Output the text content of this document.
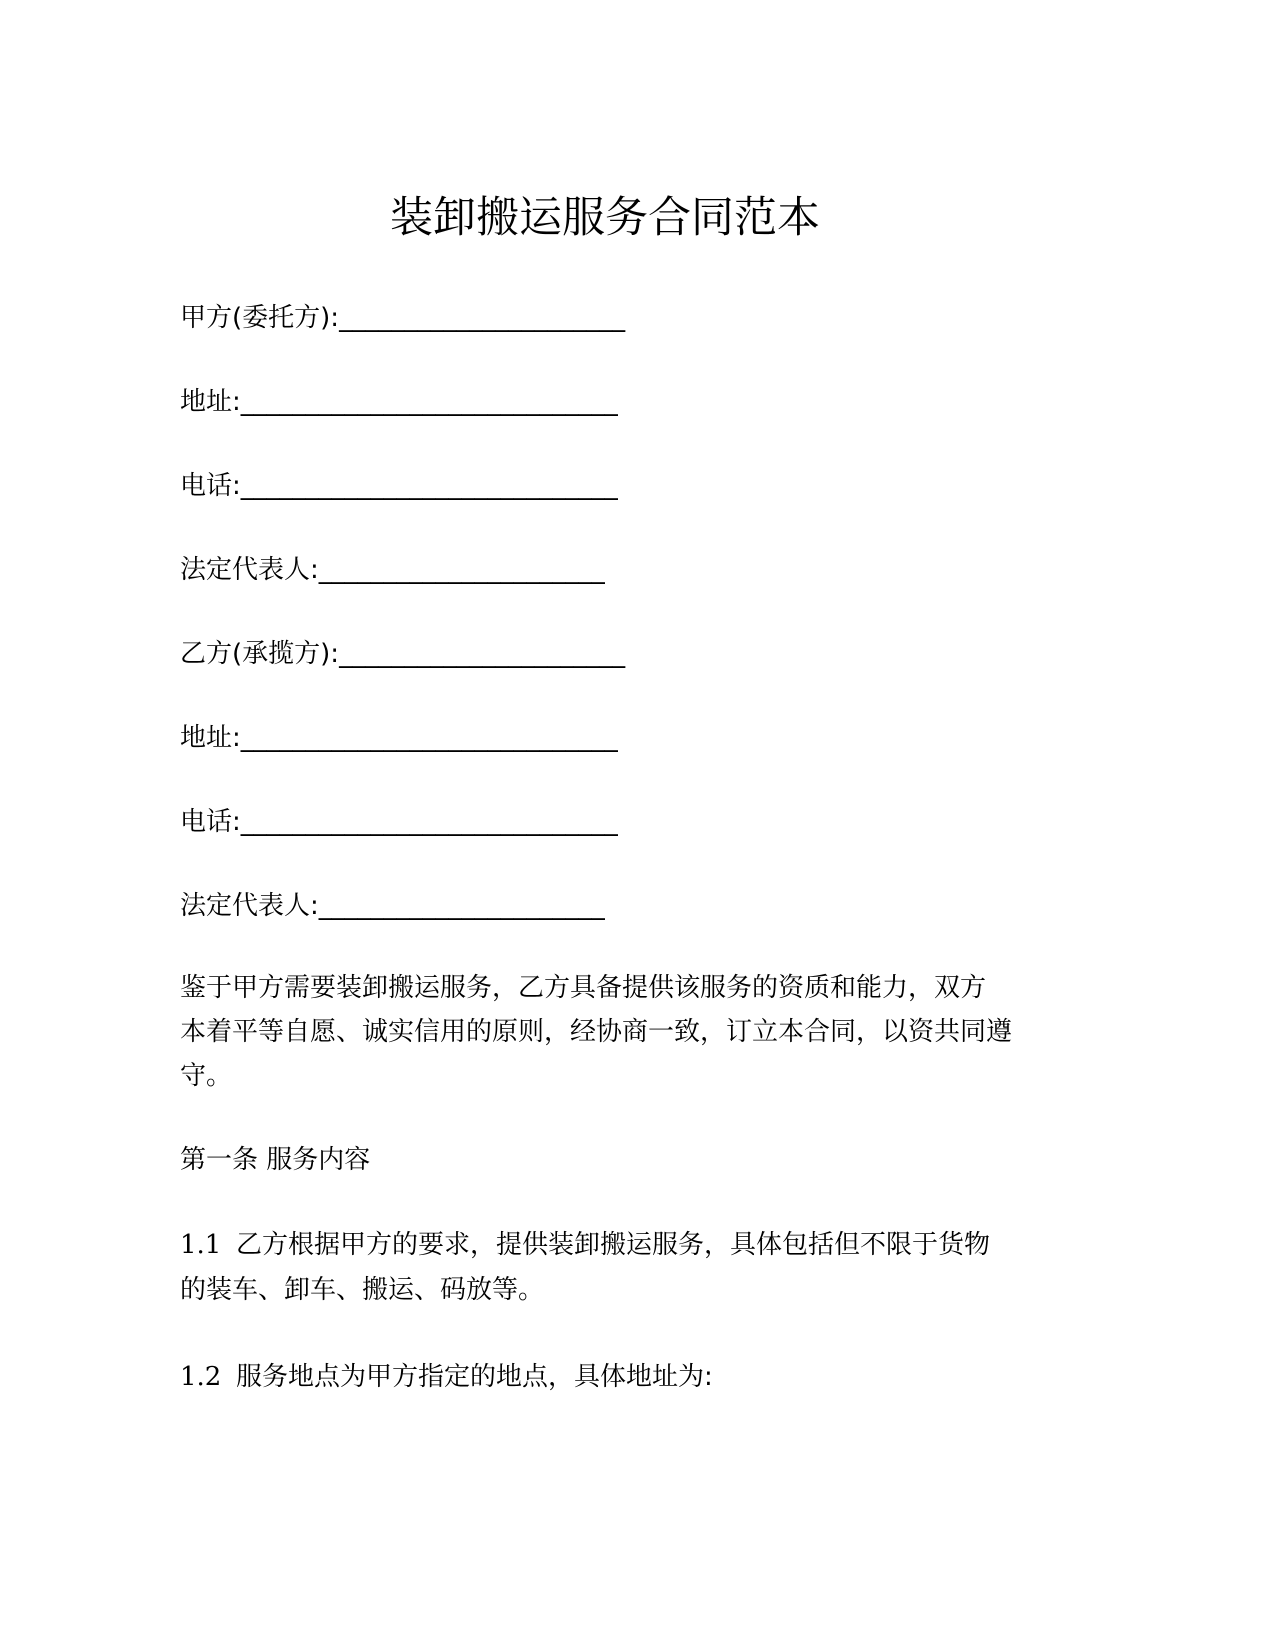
装卸搬运服务合同范本
甲方(委托方):______________________
地址:_____________________________
电话:_____________________________
法定代表人:______________________
乙方(承揽方):______________________
地址:_____________________________
电话:_____________________________
法定代表人:______________________
鉴于甲方需要装卸搬运服务，乙方具备提供该服务的资质和能力，双方
本着平等自愿、诚实信用的原则，经协商一致，订立本合同，以资共同遵
守。
第一条 服务内容
1.1 乙方根据甲方的要求，提供装卸搬运服务，具体包括但不限于货物
的装车、卸车、搬运、码放等。
1.2 服务地点为甲方指定的地点，具体地址为:
